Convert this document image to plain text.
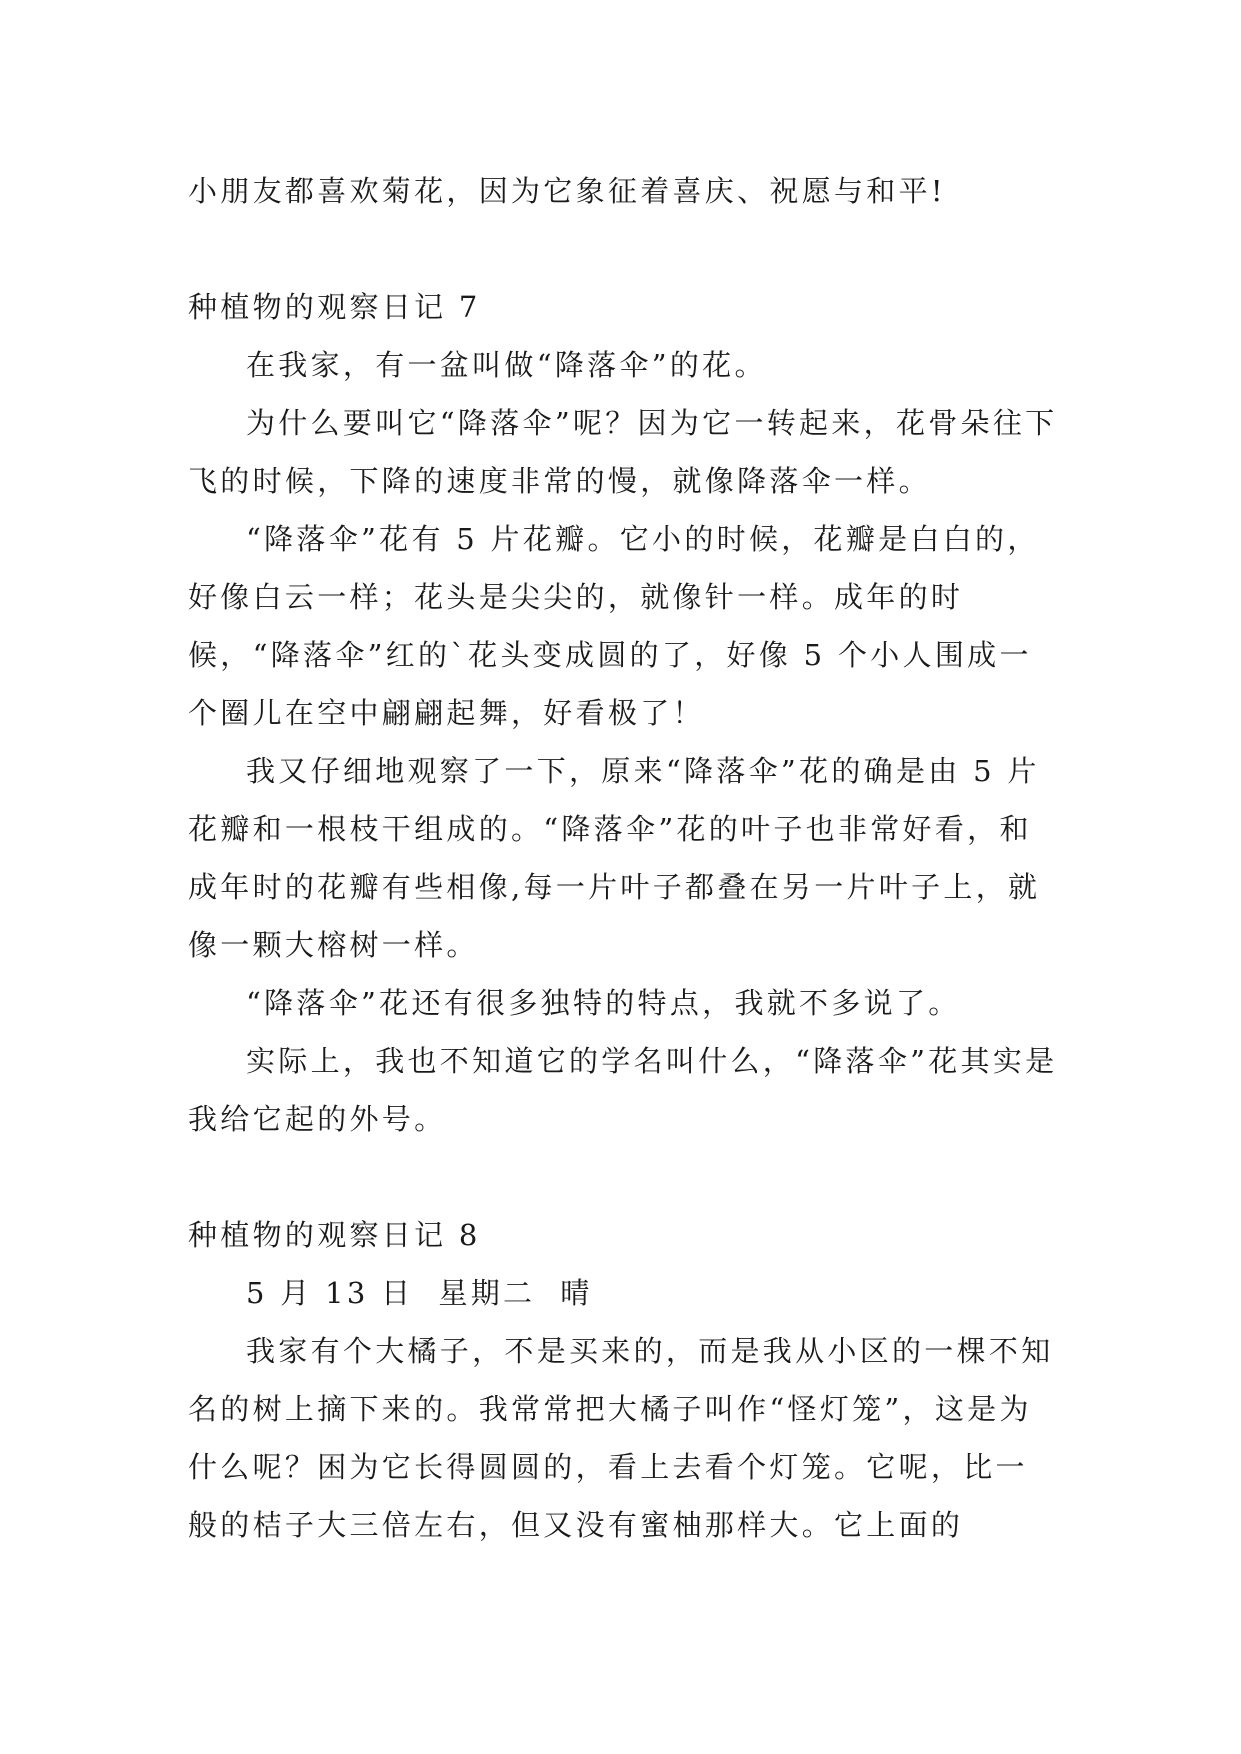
小朋友都喜欢菊花，因为它象征着喜庆、祝愿与和平!

种植物的观察日记 7

在我家，有一盆叫做“降落伞”的花。

为什么要叫它“降落伞”呢？因为它一转起来，花骨朵往下飞的时候，下降的速度非常的慢，就像降落伞一样。

“降落伞”花有 5 片花瓣。它小的时候，花瓣是白白的，好像白云一样；花头是尖尖的，就像针一样。成年的时候，“降落伞”红的`花头变成圆的了，好像 5 个小人围成一个圈儿在空中翩翩起舞，好看极了！

我又仔细地观察了一下，原来“降落伞”花的确是由 5 片花瓣和一根枝干组成的。“降落伞”花的叶子也非常好看，和成年时的花瓣有些相像,每一片叶子都叠在另一片叶子上，就像一颗大榕树一样。

“降落伞”花还有很多独特的特点，我就不多说了。

实际上，我也不知道它的学名叫什么，“降落伞”花其实是我给它起的外号。

种植物的观察日记 8

5 月 13 日  星期二  晴

我家有个大橘子，不是买来的，而是我从小区的一棵不知名的树上摘下来的。我常常把大橘子叫作“怪灯笼”，这是为什么呢？困为它长得圆圆的，看上去看个灯笼。它呢，比一般的桔子大三倍左右，但又没有蜜柚那样大。它上面的
